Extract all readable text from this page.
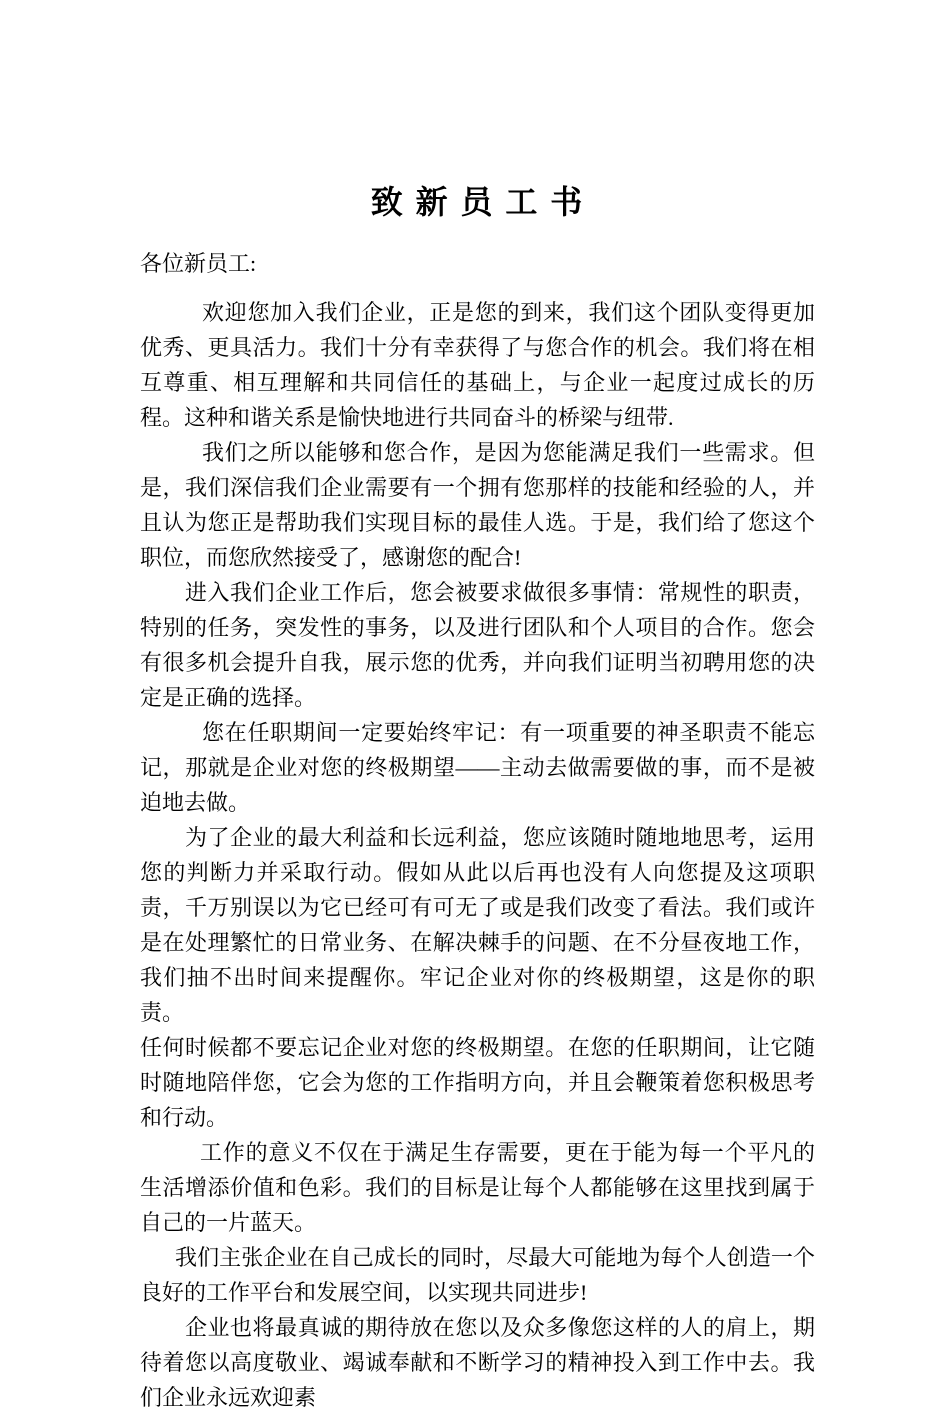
致 新 员 工 书

各位新员工:

欢迎您加入我们企业，正是您的到来，我们这个团队变得更加优秀、更具活力。我们十分有幸获得了与您合作的机会。我们将在相互尊重、相互理解和共同信任的基础上，与企业一起度过成长的历程。这种和谐关系是愉快地进行共同奋斗的桥梁与纽带.

我们之所以能够和您合作，是因为您能满足我们一些需求。但是，我们深信我们企业需要有一个拥有您那样的技能和经验的人，并且认为您正是帮助我们实现目标的最佳人选。于是，我们给了您这个职位，而您欣然接受了，感谢您的配合!

进入我们企业工作后，您会被要求做很多事情：常规性的职责，特别的任务，突发性的事务，以及进行团队和个人项目的合作。您会有很多机会提升自我，展示您的优秀，并向我们证明当初聘用您的决定是正确的选择。

您在任职期间一定要始终牢记：有一项重要的神圣职责不能忘记，那就是企业对您的终极期望——主动去做需要做的事，而不是被迫地去做。

为了企业的最大利益和长远利益，您应该随时随地地思考，运用您的判断力并采取行动。假如从此以后再也没有人向您提及这项职责，千万别误以为它已经可有可无了或是我们改变了看法。我们或许是在处理繁忙的日常业务、在解决棘手的问题、在不分昼夜地工作，我们抽不出时间来提醒你。牢记企业对你的终极期望，这是你的职责。

任何时候都不要忘记企业对您的终极期望。在您的任职期间，让它随时随地陪伴您，它会为您的工作指明方向，并且会鞭策着您积极思考和行动。

工作的意义不仅在于满足生存需要，更在于能为每一个平凡的生活增添价值和色彩。我们的目标是让每个人都能够在这里找到属于自己的一片蓝天。

我们主张企业在自己成长的同时，尽最大可能地为每个人创造一个良好的工作平台和发展空间，以实现共同进步!

企业也将最真诚的期待放在您以及众多像您这样的人的肩上，期待着您以高度敬业、竭诚奉献和不断学习的精神投入到工作中去。我们企业永远欢迎素
